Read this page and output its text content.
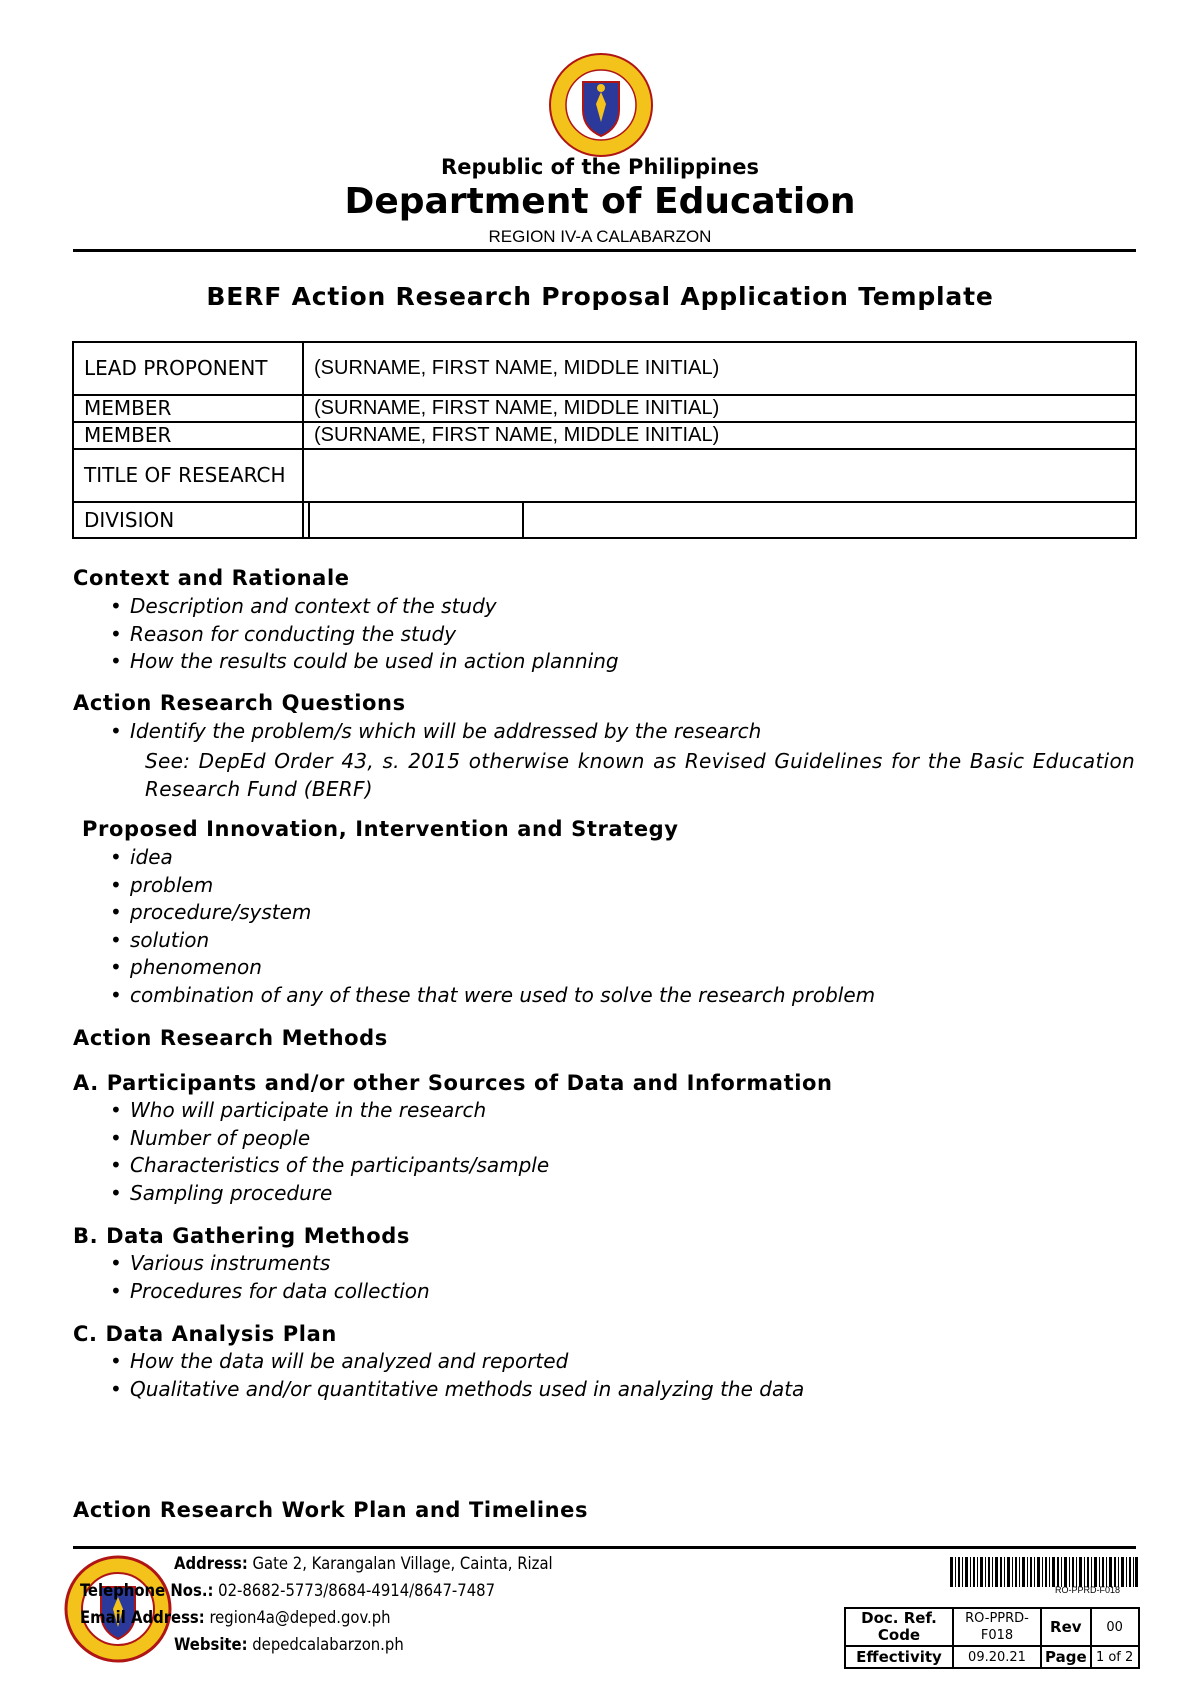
Republic of the Philippines
Department of Education
REGION IV-A CALABARZON
BERF Action Research Proposal Application Template
LEAD PROPONENT	(SURNAME, FIRST NAME, MIDDLE INITIAL)		
MEMBER	(SURNAME, FIRST NAME, MIDDLE INITIAL)		
MEMBER	(SURNAME, FIRST NAME, MIDDLE INITIAL)		
TITLE OF RESEARCH			
DIVISION			
Context and Rationale
• Description and context of the study
• Reason for conducting the study
• How the results could be used in action planning
Action Research Questions
• Identify the problem/s which will be addressed by the research
See: DepEd Order 43, s. 2015 otherwise known as Revised Guidelines for the Basic Education Research Fund (BERF)
Proposed Innovation, Intervention and Strategy
• idea
• problem
• procedure/system
• solution
• phenomenon
• combination of any of these that were used to solve the research problem
Action Research Methods
A. Participants and/or other Sources of Data and Information
• Who will participate in the research
• Number of people
• Characteristics of the participants/sample
• Sampling procedure
B. Data Gathering Methods
• Various instruments
• Procedures for data collection
C. Data Analysis Plan
• How the data will be analyzed and reported
• Qualitative and/or quantitative methods used in analyzing the data
Action Research Work Plan and Timelines
Address: Gate 2, Karangalan Village, Cainta, Rizal
Telephone Nos.: 02-8682-5773/8684-4914/8647-7487
Email Address: region4a@deped.gov.ph
Website: depedcalabarzon.ph
RO-PPRD-F018
Doc. Ref. Code	RO-PPRD-F018	Rev	00
Effectivity	09.20.21	Page	1 of 2
